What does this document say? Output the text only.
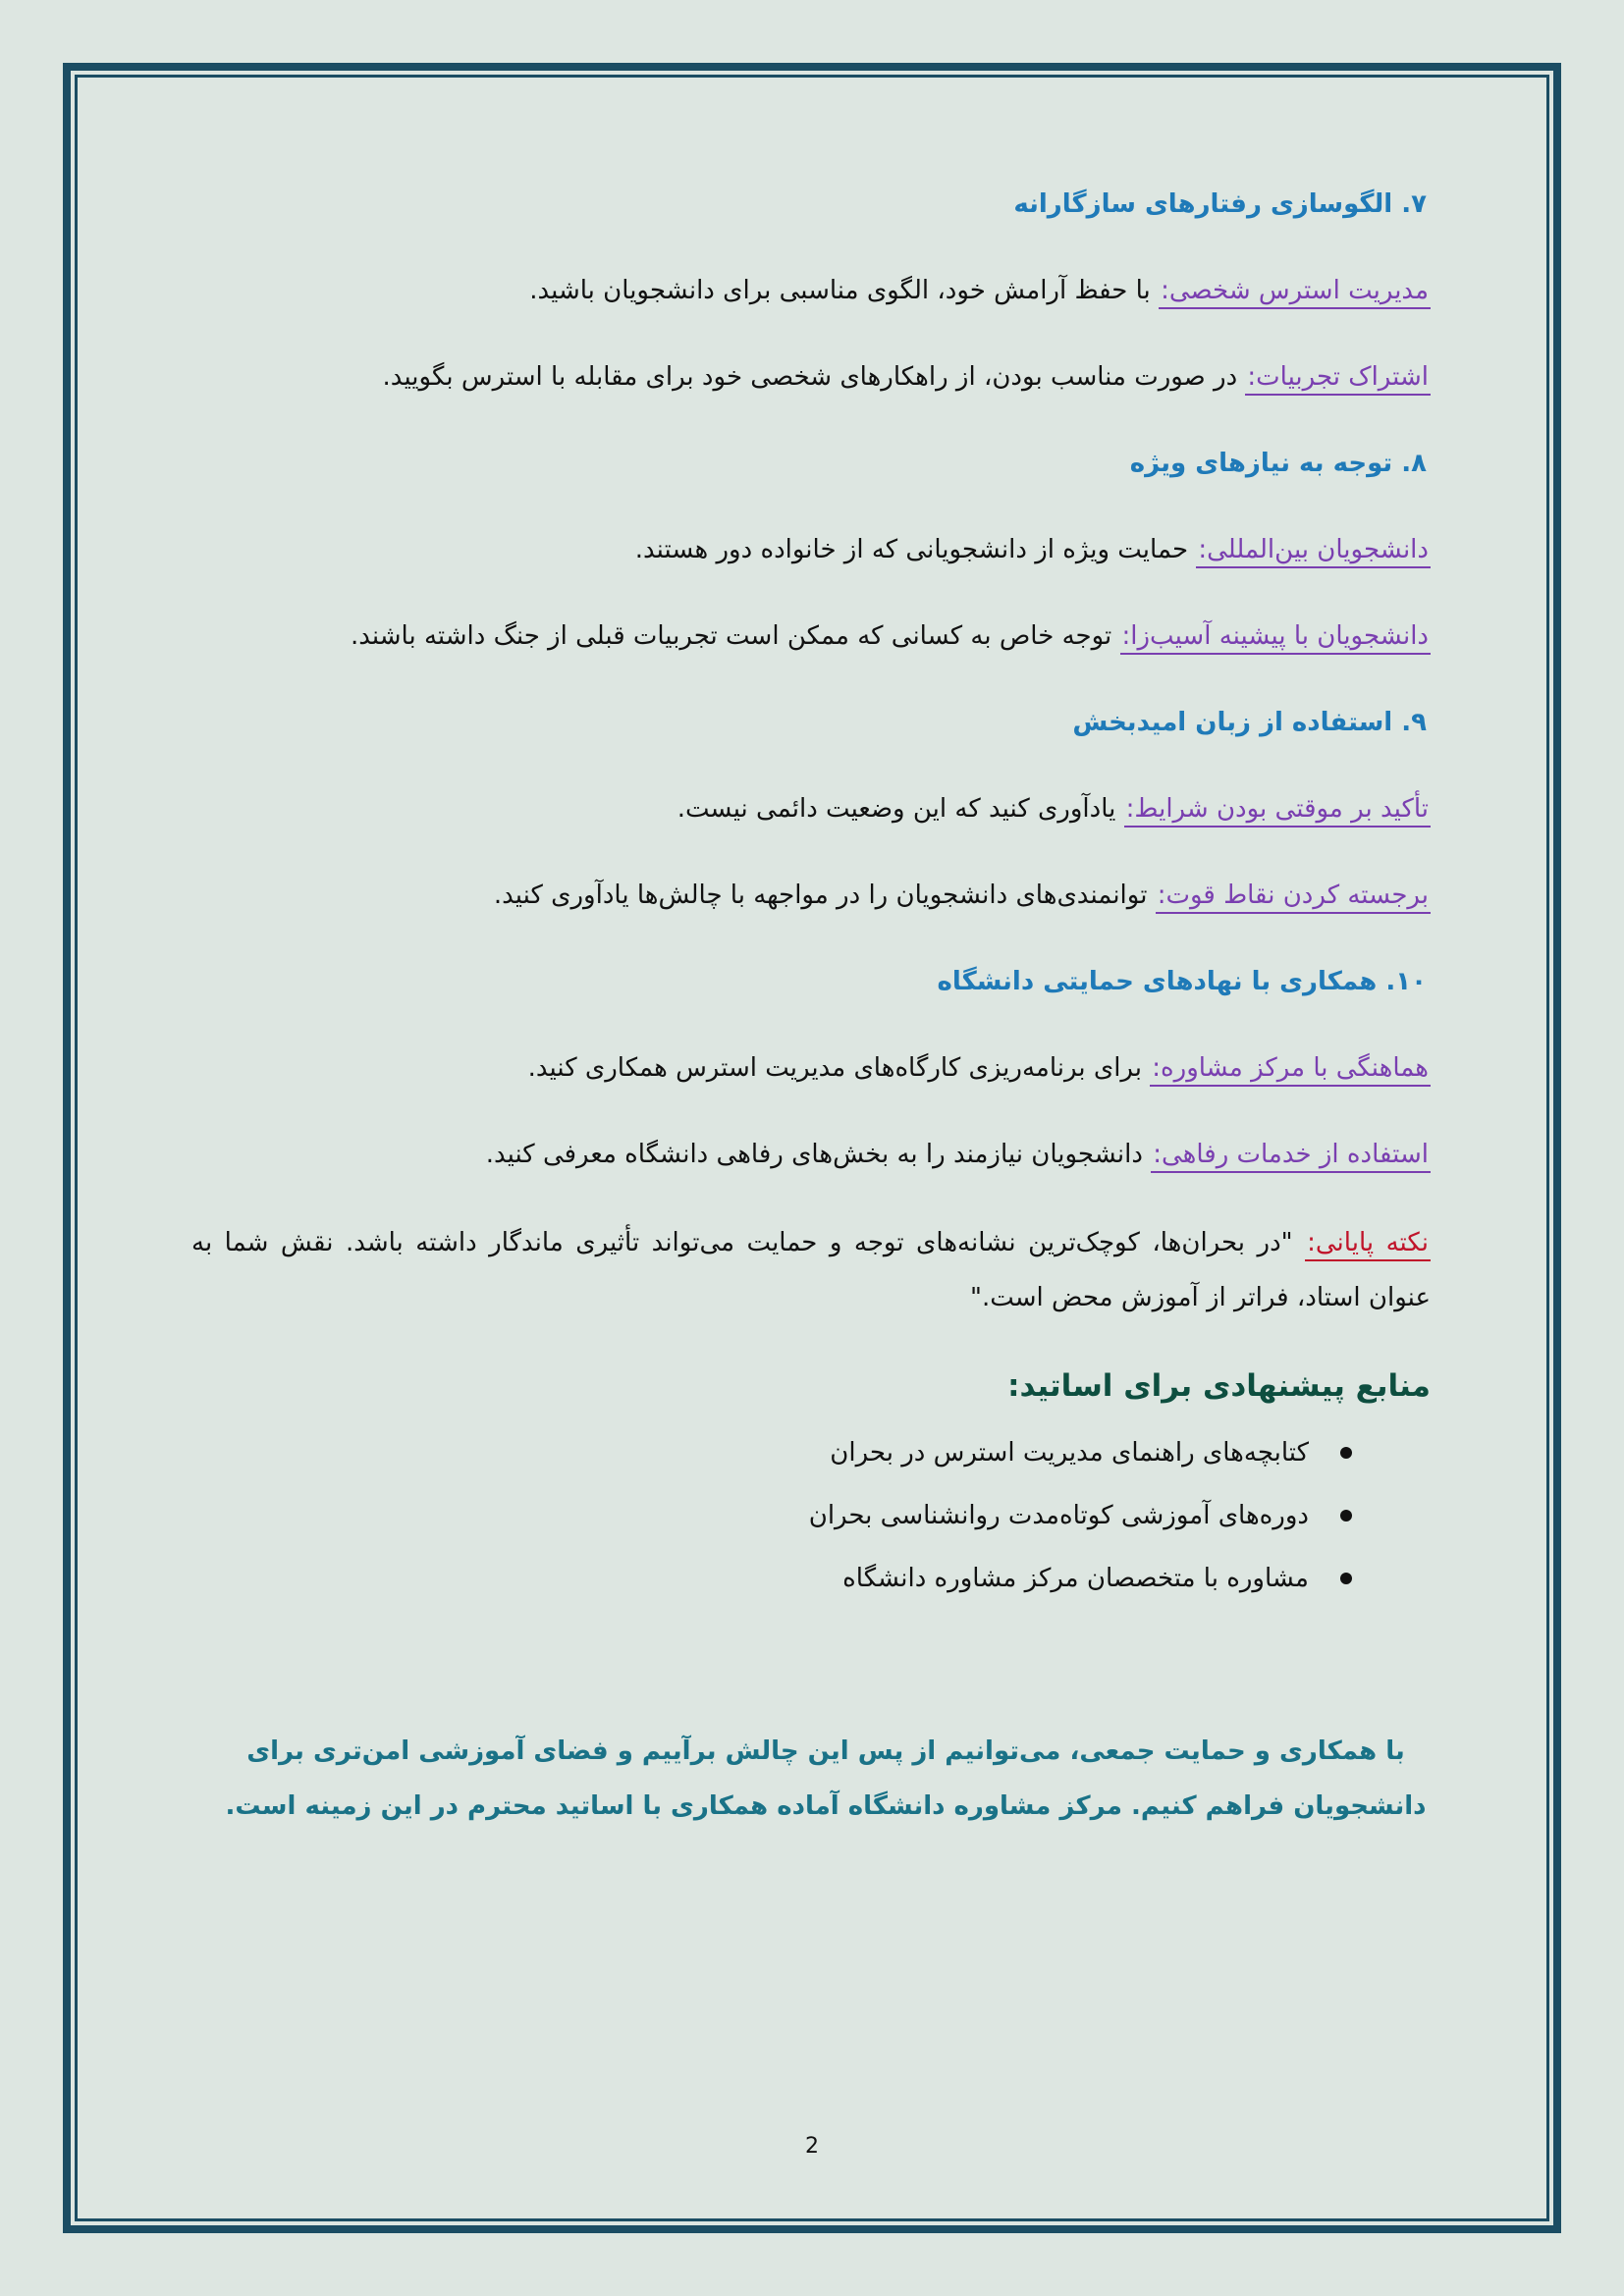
۷. الگوسازی رفتارهای سازگارانه
مدیریت استرس شخصی: با حفظ آرامش خود، الگوی مناسبی برای دانشجویان باشید.
اشتراک تجربیات: در صورت مناسب بودن، از راهکارهای شخصی خود برای مقابله با استرس بگویید.
۸. توجه به نیازهای ویژه
دانشجویان بین‌المللی: حمایت ویژه از دانشجویانی که از خانواده دور هستند.
دانشجویان با پیشینه آسیب‌زا: توجه خاص به کسانی که ممکن است تجربیات قبلی از جنگ داشته باشند.
۹. استفاده از زبان امیدبخش
تأکید بر موقتی بودن شرایط: یادآوری کنید که این وضعیت دائمی نیست.
برجسته کردن نقاط قوت: توانمندی‌های دانشجویان را در مواجهه با چالش‌ها یادآوری کنید.
۱۰. همکاری با نهادهای حمایتی دانشگاه
هماهنگی با مرکز مشاوره: برای برنامه‌ریزی کارگاه‌های مدیریت استرس همکاری کنید.
استفاده از خدمات رفاهی: دانشجویان نیازمند را به بخش‌های رفاهی دانشگاه معرفی کنید.
نکته پایانی: "در بحران‌ها، کوچک‌ترین نشانه‌های توجه و حمایت می‌تواند تأثیری ماندگار داشته باشد. نقش شما به عنوان استاد، فراتر از آموزش محض است."
منابع پیشنهادی برای اساتید:
کتابچه‌های راهنمای مدیریت استرس در بحران
دوره‌های آموزشی کوتاه‌مدت روانشناسی بحران
مشاوره با متخصصان مرکز مشاوره دانشگاه

با همکاری و حمایت جمعی، می‌توانیم از پس این چالش برآییم و فضای آموزشی امن‌تری برای دانشجویان فراهم کنیم. مرکز مشاوره دانشگاه آماده همکاری با اساتید محترم در این زمینه است.

2
